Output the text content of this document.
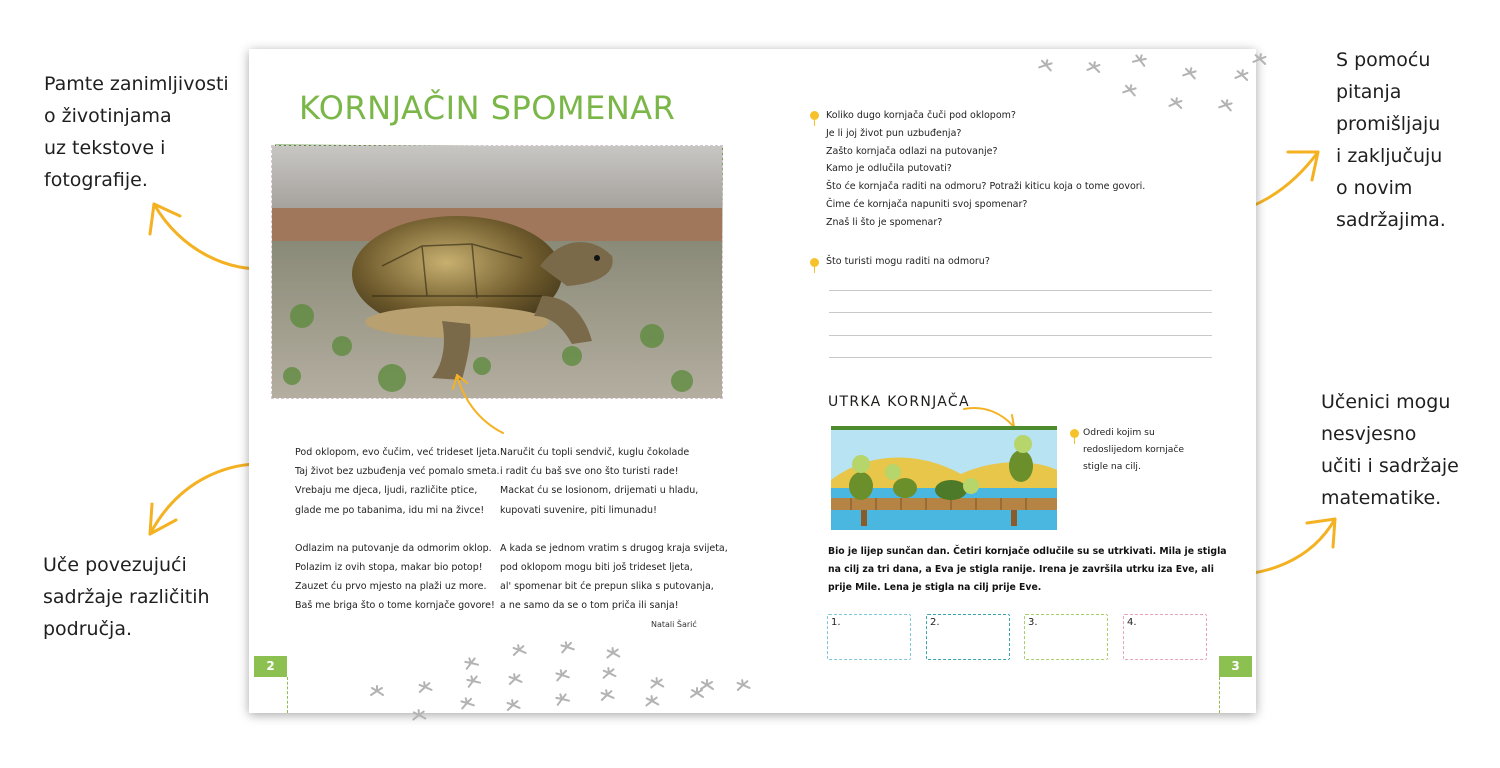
Pamte zanimljivosti
o životinjama
uz tekstove i
fotografije.
Uče povezujući
sadržaje različitih
područja.
S pomoću
pitanja
promišljaju
i zaključuju
o novim
sadržajima.
Učenici mogu
nesvjesno
učiti i sadržaje
matematike.
KORNJAČIN SPOMENAR
Pod oklopom, evo čučim, već trideset ljeta.
Taj život bez uzbuđenja već pomalo smeta.
Vrebaju me djeca, ljudi, različite ptice,
glade me po tabanima, idu mi na živce!
Odlazim na putovanje da odmorim oklop.
Polazim iz ovih stopa, makar bio potop!
Zauzet ću prvo mjesto na plaži uz more.
Baš me briga što o tome kornjače govore!
Naručit ću topli sendvič, kuglu čokolade
i radit ću baš sve ono što turisti rade!
Mackat ću se losionom, drijemati u hladu,
kupovati suvenire, piti limunadu!
A kada se jednom vratim s drugog kraja svijeta,
pod oklopom mogu biti još trideset ljeta,
al' spomenar bit će prepun slika s putovanja,
a ne samo da se o tom priča ili sanja!
Natali Šarić
2
Koliko dugo kornjača čuči pod oklopom?
Je li joj život pun uzbuđenja?
Zašto kornjača odlazi na putovanje?
Kamo je odlučila putovati?
Što će kornjača raditi na odmoru? Potraži kiticu koja o tome govori.
Čime će kornjača napuniti svoj spomenar?
Znaš li što je spomenar?
Što turisti mogu raditi na odmoru?
UTRKA KORNJAČA
Odredi kojim su
redoslijedom kornjače
stigle na cilj.
Bio je lijep sunčan dan. Četiri kornjače odlučile su se utrkivati. Mila je stigla na cilj za tri dana, a Eva je stigla ranije. Irena je završila utrku iza Eve, ali prije Mile. Lena je stigla na cilj prije Eve.
1.	2.	3.	4.
3
